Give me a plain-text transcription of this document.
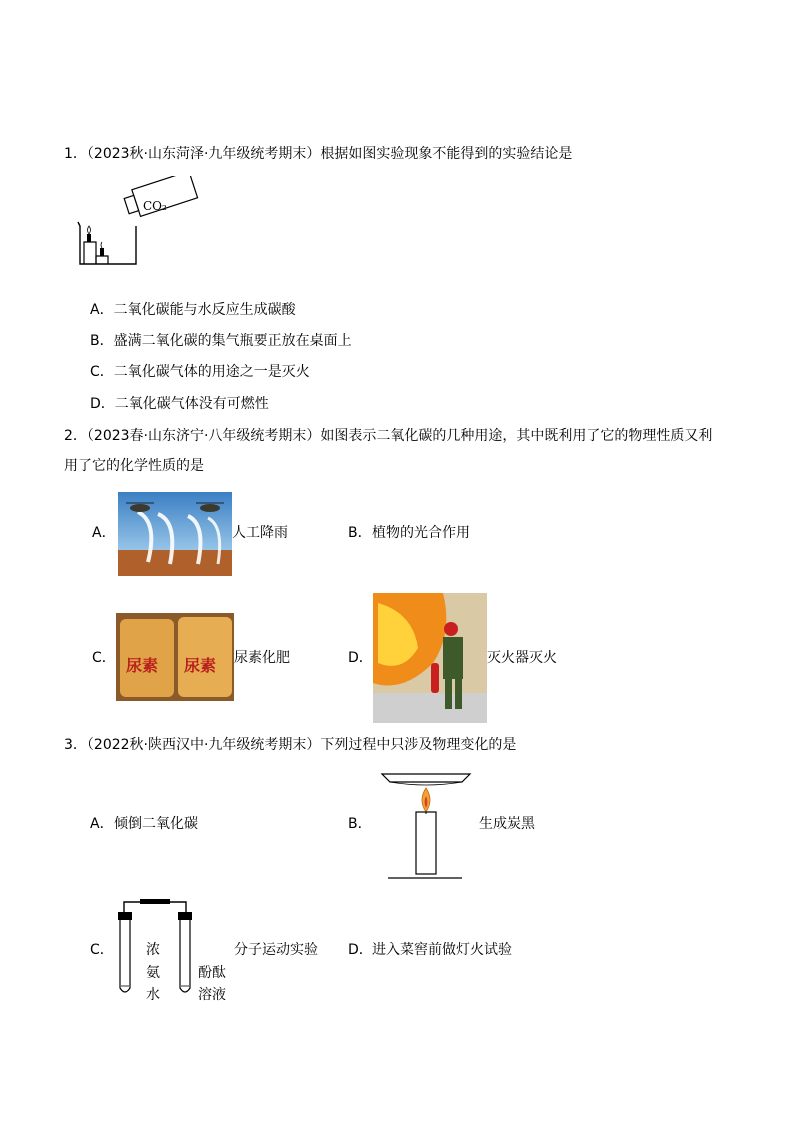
1．（2023秋·山东菏泽·九年级统考期末）根据如图实验现象不能得到的实验结论是
CO₂
A．二氧化碳能与水反应生成碳酸
B．盛满二氧化碳的集气瓶要正放在桌面上
C．二氧化碳气体的用途之一是灭火
D．二氧化碳气体没有可燃性
2．（2023春·山东济宁·八年级统考期末）如图表示二氧化碳的几种用途，其中既利用了它的物理性质又利
用了它的化学性质的是
A．	人工降雨	B． 植物的光合作用
C． 尿素 尿素 尿素化肥	D．	灭火器灭火
3．（2022秋·陕西汉中·九年级统考期末）下列过程中只涉及物理变化的是
A． 倾倒二氧化碳	B．	生成炭黑
C． 浓
氨
水
酚酞
溶液
分子运动实验 D． 进入菜窖前做灯火试验
